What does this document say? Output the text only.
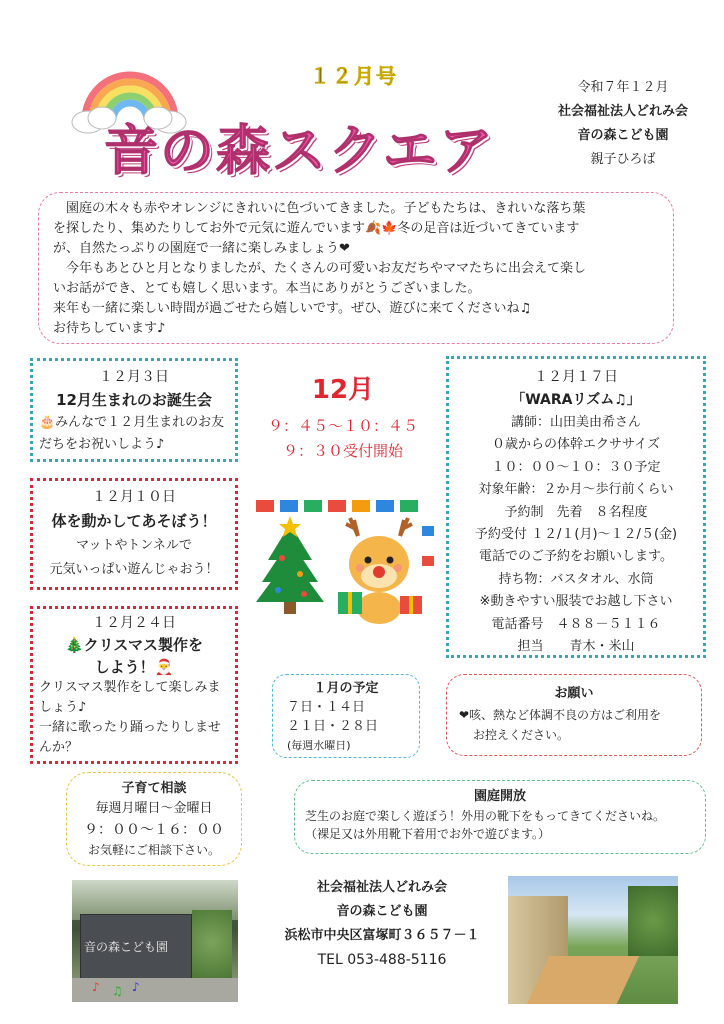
１２月号
音の森スクエア
令和７年１２月
社会福祉法人どれみ会
音の森こども園
親子ひろば
　園庭の木々も赤やオレンジにきれいに色づいてきました。子どもたちは、きれいな落ち葉
を探したり、集めたりしてお外で元気に遊んでいます🍂🍁冬の足音は近づいてきています
が、自然たっぷりの園庭で一緒に楽しみましょう❤
　今年もあとひと月となりましたが、たくさんの可愛いお友だちやママたちに出会えて楽し
いお話ができ、とても嬉しく思います。本当にありがとうございました。
来年も一緒に楽しい時間が過ごせたら嬉しいです。ぜひ、遊びに来てくださいね♫
お待ちしています♪
１２月３日
12月生まれのお誕生会
🎂みんなで１２月生まれのお友
だちをお祝いしよう♪
１２月１０日
体を動かしてあそぼう！
マットやトンネルで
元気いっぱい遊んじゃおう！
１２月２４日
🎄クリスマス製作を
しよう！🎅
クリスマス製作をして楽しみま
しょう♪
一緒に歌ったり踊ったりしませ
んか？
12月
９：４５～１０：４５
９：３０受付開始
１２月１７日
「WARAリズム♫」
講師：山田美由希さん
０歳からの体幹エクササイズ
１０：００～１０：３０予定
対象年齢：２か月～歩行前くらい
予約制　先着　８名程度
予約受付 １２/１(月)～１２/５(金)
電話でのご予約をお願いします。
持ち物：バスタオル、水筒
※動きやすい服装でお越し下さい
電話番号　４８８－５１１６
担当　　青木・米山
１月の予定
７日・１４日
２１日・２８日
(毎週水曜日)
お願い
❤咳、熱など体調不良の方はご利用を
お控えください。
子育て相談
毎週月曜日～金曜日
９：００～１６：００
お気軽にご相談下さい。
園庭開放
芝生のお庭で楽しく遊ぼう！外用の靴下をもってきてくださいね。
（裸足又は外用靴下着用でお外で遊びます。）
音の森こども園
♪ ♫ ♪
社会福祉法人どれみ会
音の森こども園
浜松市中央区富塚町３６５７－１
TEL 053-488-5116
